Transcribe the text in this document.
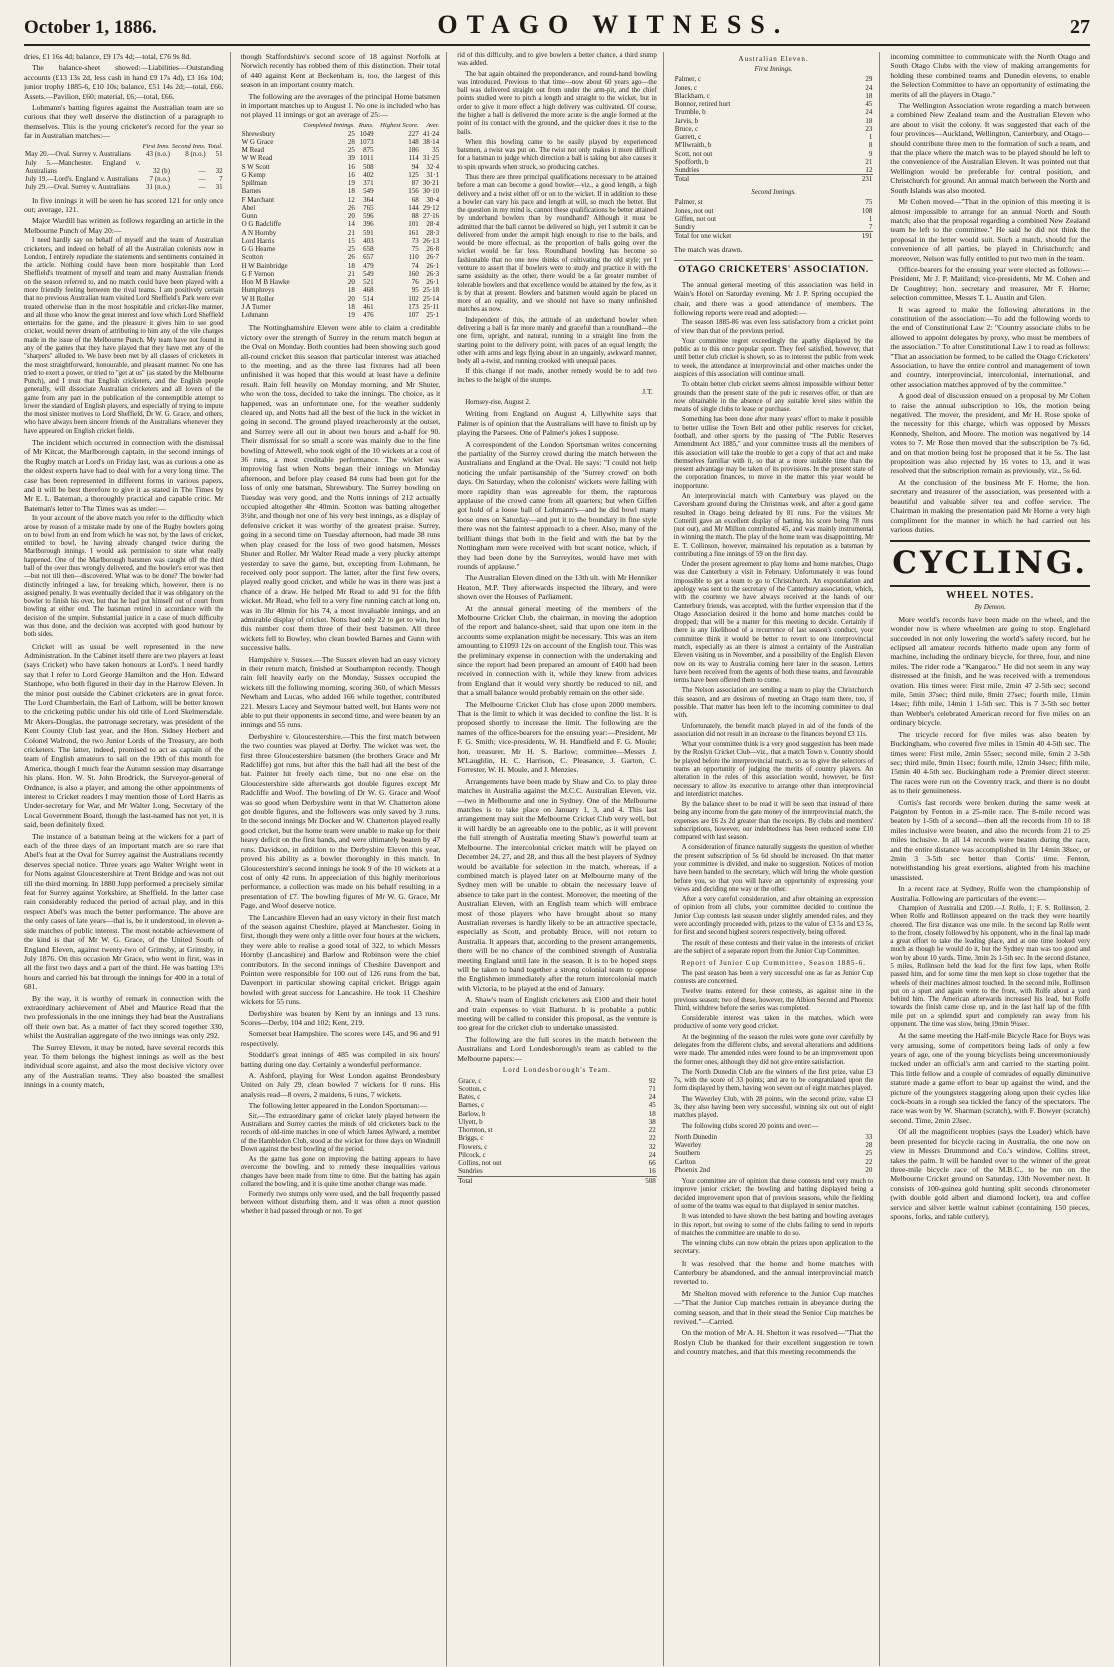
October 1, 1886.	OTAGO WITNESS.	27

dries, £1 16s 4d; balance, £9 17s 4d;—total, £76 9s 8d.

The balance-sheet showed:—Liabilities—Outstanding accounts (£13 13s 2d, less cash in hand £9 17s 4d), £3 16s 10d; junior trophy 1885-6, £10 10s; balance, £51 14s 2d;—total, £66. Assets.—Pavilion, £60; material, £6;—total, £66.

Lohmann's batting figures against the Australian team are so curious that they well deserve the distinction of a paragraph to themselves. This is the young cricketer's record for the year so far in Australian matches:—

	First Inns.	Second Inns.	Total.
May 20.—Oval. Surrey v. Australians	43 (n.o.)	8 (n.o.)	51
July 5.—Manchester. England v. Australians	32 (b)	—	32
July 19.—Lord's. England v. Australians	7 (n.o.)	—	7
July 29.—Oval. Surrey v. Australians	31 (n.o.)	—	31

In five innings it will be seen he has scored 121 for only once out; average, 121.

Major Wardill has written as follows regarding an article in the Melbourne Punch of May 20:—

I need hardly say on behalf of myself and the team of Australian cricketers, and indeed on behalf of all the Australian colonists now in London, I entirely repudiate the statements and sentiments contained in the article. Nothing could have been more hospitable than Lord Sheffield's treatment of myself and team and many Australian friends on the season referred to, and no match could have been played with a more friendly feeling between the rival teams. I am positively certain that no previous Australian team visited Lord Sheffield's Park were ever treated otherwise than in the most hospitable and cricket-like manner, and all those who know the great interest and love which Lord Sheffield entertains for the game, and the pleasure it gives him to see good cricket, would never dream of attributing to him any of the vile charges made in the issue of the Melbourne Punch. My team have not found in any of the games that they have played that they have met any of the "sharpers" alluded to. We have been met by all classes of cricketers in the most straightforward, honourable, and pleasant manner. No one has tried to exert a power, or tried to "get at us" (as stated by the Melbourne Punch), and I trust that English cricketers, and the English people generally, will dissociate Australian cricketers and all lovers of the game from any part in the publication of the contemptible attempt to lower the standard of English players, and especially of trying to impute the most sinister motives to Lord Sheffield, Dr W. G. Grace, and others, who have always been sincere friends of the Australians whenever they have appeared on English cricket fields.

The incident which occurred in connection with the dismissal of Mr Kitcat, the Marlborough captain, in the second innings of the Rugby match at Lord's on Friday last, was as curious a one as the oldest experts have had to deal with for a very long time. The case has been represented in different forms in various papers, and it will be best therefore to give it as stated in The Times by Mr E. L. Bateman, a thoroughly practical and capable critic. Mr Bateman's letter to The Times was as under:—

In your account of the above match you refer to the difficulty which arose by reason of a mistake made by one of the Rugby bowlers going on to bowl from an end from which he was not, by the laws of cricket, entitled to bowl, he having already changed twice during the Marlborough innings. I would ask permission to state what really happened. One of the Marlborough batsmen was caught off the third ball of the over thus wrongly delivered, and the bowler's error was then—but not till then—discovered. What was to be done? The bowler had distinctly infringed a law, for breaking which, however, there is no assigned penalty. It was eventually decided that it was obligatory on the bowler to finish his over, but that he had put himself out of court from bowling at either end. The batsman retired in accordance with the decision of the umpire. Substantial justice in a case of much difficulty was thus done, and the decision was accepted with good humour by both sides.

Cricket will as usual be well represented in the new Administration. In the Cabinet itself there are two players at least (says Cricket) who have taken honours at Lord's. I need hardly say that I refer to Lord George Hamilton and the Hon. Edward Stanhope, who both figured in their day in the Harrow Eleven. In the minor post outside the Cabinet cricketers are in great force. The Lord Chamberlain, the Earl of Lathom, will be better known to the cricketing public under his old title of Lord Skelmersdale. Mr Akers-Douglas, the patronage secretary, was president of the Kent County Club last year, and the Hon. Sidney Herbert and Colonel Walrond, the two Junior Lords of the Treasury, are both cricketers. The latter, indeed, promised to act as captain of the team of English amateurs to sail on the 19th of this month for America, though I much fear the Autumn session may disarrange his plans. Hon. W. St. John Brodrick, the Surveyor-general of Ordnance, is also a player, and among the other appointments of interest to Cricket readers I may mention those of Lord Harris as Under-secretary for War, and Mr Walter Long, Secretary of the Local Government Board, though the last-named has not yet, it is said, been definitely fixed.

The instance of a batsman being at the wickets for a part of each of the three days of an important match are so rare that Abel's feat at the Oval for Surrey against the Australians recently deserves special notice. Three years ago Walter Wright went in for Notts against Gloucestershire at Trent Bridge and was not out till the third morning. In 1880 Jupp performed a precisely similar feat for Surrey against Yorkshire, at Sheffield. In the latter case rain considerably reduced the period of actual play, and in this respect Abel's was much the better performance. The above are the only cases of late years—that is, be it understood, in eleven a-side matches of public interest. The most notable achievement of the kind is that of Mr W. G. Grace, of the United South of England Eleven, against twenty-two of Grimsby, at Grimsby, in July 1876. On this occasion Mr Grace, who went in first, was in all the first two days and a part of the third. He was batting 13½ hours and carried his bat through the innings for 400 in a total of 681.

By the way, it is worthy of remark in connection with the extraordinary achievement of Abel and Maurice Read that the two professionals in the one innings they had beat the Australians off their own bat. As a matter of fact they scored together 330, whilst the Australian aggregate of the two innings was only 292.

The Surrey Eleven, it may be noted, have several records this year. To them belongs the highest innings as well as the best individual score against, and also the most decisive victory over any of the Australian teams. They also boasted the smallest innings in a county match,

though Staffordshire's second score of 18 against Norfolk at Norwich recently has robbed them of this distinction. Their total of 440 against Kent at Beckenham is, too, the largest of this season in an important county match.

The following are the averages of the principal Home batsmen in important matches up to August 1. No one is included who has not played 11 innings or got an average of 25:—

	Completed Innings.	Runs.	Highest Score.	Aver.
Shrewsbury	25	1049	227	41·24
W G Grace	28	1073	148	38·14
M Read	25	875	186	35
W W Read	39	1011	114	31·25
S W Scott	16	508	94	32·4
G Kemp	16	402	125	31·1
Spillman	19	371	87	30·21
Barnes	18	549	156	30·10
F Marchant	12	364	68	30·4
Abel	26	765	144	29·12
Gunn	20	596	88	27·16
O G Radcliffe	14	396	101	28·4
A N Hornby	21	591	161	28·3
Lord Harris	15	403	73	26·13
G G Hearne	25	658	75	26·8
Scotton	26	657	110	26·7
H W Bainbridge	18	479	74	26·1
G F Vernon	21	549	160	26·3
Hon M B Hawke	20	521	76	26·1
Humphreys	18	468	95	25·18
W H Roller	20	514	102	25·14
J A Turner	18	461	173	25·11
Lohmann	19	476	107	25·1

The Nottinghamshire Eleven were able to claim a creditable victory over the strength of Surrey in the return match begun at the Oval on Monday. Both counties had been showing such good all-round cricket this season that particular interest was attached to the meeting, and as the three last fixtures had all been unfinished it was hoped that this would at least have a definite result. Rain fell heavily on Monday morning, and Mr Shuter, who won the toss, decided to take the innings. The choice, as it happened, was an unfortunate one, for the weather suddenly cleared up, and Notts had all the best of the luck in the wicket in going in second. The ground played treacherously at the outset, and Surrey were all out in about two hours and a-half for 90. Their dismissal for so small a score was mainly due to the fine bowling of Attewell, who took eight of the 10 wickets at a cost of 36 runs, a most creditable performance. The wicket was improving fast when Notts began their innings on Monday afternoon, and before play ceased 84 runs had been got for the loss of only one batsman, Shrewsbury. The Surrey bowling on Tuesday was very good, and the Notts innings of 212 actually occupied altogether 4hr 40min. Scotton was batting altogether 3½hr, and though not one of his very best innings, as a display of defensive cricket it was worthy of the greatest praise. Surrey, going in a second time on Tuesday afternoon, had made 38 runs when play ceased for the loss of two good batsmen, Messrs Shuter and Roller. Mr Walter Read made a very plucky attempt yesterday to save the game, but, excepting from Lohmann, he received only poor support. The latter, after the first few overs, played really good cricket, and while he was in there was just a chance of a draw. He helped Mr Read to add 91 for the fifth wicket. Mr Read, who fell to a very fine running catch at long on, was in 3hr 40min for his 74, a most invaluable innings, and an admirable display of cricket. Notts had only 22 to get to win, but this number cost them three of their best batsmen. All three wickets fell to Bowley, who clean bowled Barnes and Gunn with successive balls.

Hampshire v. Sussex.—The Sussex eleven had an easy victory in their return match, finished at Southampton recently. Though rain fell heavily early on the Monday, Sussex occupied the wickets till the following morning, scoring 360, of which Messrs Newham and Lucas, who added 166 while together, contributed 221. Messrs Lacey and Seymour batted well, but Hants were not able to put their opponents in second time, and were beaten by an innings and 55 runs.

Derbyshire v. Gloucestershire.—This the first match between the two counties was played at Derby. The wicket was wet, the first three Gloucestershire batsmen (the brothers Grace and Mr Radcliffe) got runs, but after this the ball had all the best of the bat. Painter hit freely each time, but no one else on the Gloucestershire side afterwards got double figures except Mr Radcliffe and Woof. The bowling of Dr W. G. Grace and Woof was so good when Derbyshire went in that W. Chatterton alone got double figures, and the followers was only saved by 3 runs. In the second innings Mr Docker and W. Chatterton played really good cricket, but the home team were unable to make up for their heavy deficit on the first hands, and were ultimately beaten by 47 runs. Davidson, in addition to the Derbyshire Eleven this year, proved his ability as a bowler thoroughly in this match. In Gloucestershire's second innings he took 9 of the 10 wickets at a cost of only 42 runs. In appreciation of this highly meritorious performance, a collection was made on his behalf resulting in a presentation of £7. The bowling figures of Mr W. G. Grace, Mr Page, and Woof deserve notice.

The Lancashire Eleven had an easy victory in their first match of the season against Cheshire, played at Manchester. Going in first, though they were only a little over four hours at the wickets, they were able to realise a good total of 322, to which Messrs Hornby (Lancashire) and Barlow and Robinson were the chief contributors. In the second innings of Cheshire Davenport and Pointon were responsible for 100 out of 126 runs from the bat, Davenport in particular showing capital cricket. Briggs again bowled with great success for Lancashire. He took 11 Cheshire wickets for 55 runs.

Derbyshire was beaten by Kent by an innings and 13 runs. Scores—Derby, 104 and 102; Kent, 219.

Somerset beat Hampshire. The scores were 145, and 96 and 91 respectively.

Stoddart's great innings of 485 was compiled in six hours' batting during one day. Certainly a wonderful performance.

A. Ashford, playing for West London against Brondesbury United on July 29, clean bowled 7 wickets for 0 runs. His analysis read—8 overs, 2 maidens, 6 runs, 7 wickets.

The following letter appeared in the London Sportsman:—

Sir,—The extraordinary game of cricket lately played between the Australians and Surrey carries the minds of old cricketers back to the records of old-time matches in one of which James Aylward, a member of the Hambledon Club, stood at the wicket for three days on Windmill Down against the best bowling of the period.

As the game has gone on improving the batting appears to have overcome the bowling, and to remedy these inequalities various changes have been made from time to time. But the batting has again collared the bowling, and it is quite time another change was made.

Formerly two stumps only were used, and the ball frequently passed between without disturbing them, and it was often a moot question whether it had passed through or not. To get

rid of this difficulty, and to give bowlers a better chance, a third stump was added.

The bat again obtained the preponderance, and round-hand bowling was introduced. Previous to that time—now about 60 years ago—the ball was delivered straight out from under the arm-pit, and the chief points studied were to pitch a length and straight to the wicket, but in order to give it more effect a high delivery was cultivated. Of course, the higher a ball is delivered the more acute is the angle formed at the point of its contact with the ground, and the quicker does it rise to the bails.

When this bowling came to be easily played by experienced batsmen, a twist was put on. The twist not only makes it more difficult for a batsman to judge which direction a ball is taking but also causes it to spin upwards when struck, so producing catches.

Thus there are three principal qualifications necessary to be attained before a man can become a good bowler—viz., a good length, a high delivery and a twist either off or on to the wicket. If in addition to these a bowler can vary his pace and length at will, so much the better. But the question in my mind is, cannot these qualifications be better attained by underhand bowlers than by roundhand? Although it must be admitted that the ball cannot be delivered so high, yet I submit it can be delivered from under the armpit high enough to rise to the bails, and would be more effectual, as the proportion of balls going over the wicket would be far less. Roundhand bowling has become so fashionable that no one now thinks of cultivating the old style; yet I venture to assert that if bowlers were to study and practice it with the same assiduity as the other, there would be a far greater number of tolerable bowlers and that excellence would be attained by the few, as it is by that at present. Bowlers and batsmen would again be placed on more of an equality, and we should not have so many unfinished matches as now.

Independent of this, the attitude of an underhand bowler when delivering a ball is far more manly and graceful than a roundhand—the one firm, upright, and natural, running in a straight line from the starting point to the delivery point, with paces of an equal length; the other with arms and legs flying about in an ungainly, awkward manner, body all a-twist, and running crooked with unequal paces.

If this change if not made, another remedy would be to add two inches to the height of the stumps.

J.T.

Hornsey-rise, August 2.

Writing from England on August 4, Lillywhite says that Palmer is of opinion that the Australians will have to finish up by playing the Parsees. One of Palmer's jokes I suppose.

A correspondent of the London Sportsman writes concerning the partiality of the Surrey crowd during the match between the Australians and England at the Oval. He says: "I could not help noticing the unfair partisanship of the 'Surrey crowd' on both days. On Saturday, when the colonists' wickets were falling with more rapidity than was agreeable for them, the rapturous applause of the crowd came from all quarters; but when Giffen got hold of a loose ball of Lohmann's—and he did bowl many loose ones on Saturday—and put it to the boundary in fine style there was not the faintest approach to a cheer. Also, many of the brilliant things that both in the field and with the bat by the Nottingham men were received with but scant notice, which, if they had been done by the Surreyites, would have met with rounds of applause."

The Australian Eleven dined on the 13th ult. with Mr Henniker Heaton, M.P. They afterwards inspected the library, and were shown over the Houses of Parliament.

At the annual general meeting of the members of the Melbourne Cricket Club, the chairman, in moving the adoption of the report and balance-sheet, said that upon one item in the accounts some explanation might be necessary. This was an item amounting to £1093 12s on account of the English tour. This was the preliminary expense in connection with the undertaking and since the report had been prepared an amount of £400 had been received in connection with it, while they knew from advices from England that it would very shortly be reduced to nil, and that a small balance would probably remain on the other side.

The Melbourne Cricket Club has close upon 2000 members. That is the limit to which it was decided to confine the list. It is proposed shortly to increase the limit. The following are the names of the office-bearers for the ensuing year:—President, Mr F. G. Smith; vice-presidents, W. H. Handfield and F. G. Moule; hon. treasurer, Mr H. S. Barlow; committee—Messrs J. M'Laughlin, H. C. Harrison, C. Pleasance, J. Garton, C. Forrester, W. H. Moule, and J. Menzies.

Arrangements have been made by Shaw and Co. to play three matches in Australia against the M.C.C. Australian Eleven, viz.—two in Melbourne and one in Sydney. One of the Melbourne matches is to take place on January 1, 3, and 4. This last arrangement may suit the Melbourne Cricket Club very well, but it will hardly be an agreeable one to the public, as it will prevent the full strength of Australia meeting Shaw's powerful team at Melbourne. The intercolonial cricket match will be played on December 24, 27, and 28, and thus all the best players of Sydney would be available for selection in the match, whereas, if a combined match is played later on at Melbourne many of the Sydney men will be unable to obtain the necessary leave of absence to take part in the contest. Moreover, the meeting of the Australian Eleven, with an English team which will embrace most of those players who have brought about so many Australian reverses is hardly likely to be an attractive spectacle, especially as Scott, and probably Bruce, will not return to Australia. It appears that, according to the present arrangements, there will be no chance of the combined strength of Australia meeting England until late in the season. It is to be hoped steps will be taken to band together a strong colonial team to oppose the Englishmen immediately after the return intercolonial match with Victoria, to be played at the end of January.

A. Shaw's team of English cricketers ask £100 and their hotel and train expenses to visit Bathurst. It is probable a public meeting will be called to consider this proposal, as the venture is too great for the cricket club to undertake unassisted.

The following are the full scores in the match between the Australians and Lord Londesborough's team as cabled to the Melbourne papers:—

Lord Londesborough's Team.
Grace, c	92
Scotton, c	71
Bates, c	24
Barnes, c	45
Barlow, b	18
Ulyett, b	38
Thornton, st	22
Briggs, c	22
Flowers, c	32
Pilcock, c	24
Collins, not out	66
Sundries	16
Total	508
Australian Eleven.
First Innings.
Palmer, c	29
Jones, c	24
Blackham, c	18
Bonnor, retired hurt	45
Trumble, b	24
Jarvis, b	18
Bruce, c	23
Garrett, c	1
M'Ilwraith, b	8
Scott, not out	9
Spofforth, b	21
Sundries	12
Total	231
Second Innings.
Palmer, st	75
Jones, not out	108
Giffen, not out	1
Sundry	7
Total for one wicket	191

The match was drawn.

OTAGO CRICKETERS' ASSOCIATION.

The annual general meeting of this association was held in Wain's Hotel on Saturday evening. Mr J. P. Spring occupied the chair, and there was a good attendance of members. The following reports were read and adopted:—

The season 1885-86 was even less satisfactory from a cricket point of view than that of the previous period.

Your committee regret exceedingly the apathy displayed by the public as to this once popular sport. They feel satisfied, however, that until better club cricket is shown, so as to interest the public from week to week, the attendance at interprovincial and other matches under the auspices of this association will continue small.

To obtain better club cricket seems almost impossible without better grounds than the present state of the pub ic reserves offer, or than are now obtainable in the absence of any suitable level sites within the means of single clubs to lease or purchase.

Something has been done after many years' effort to make it possible to better utilise the Town Belt and other public reserves for cricket, football, and other sports by the passing of "The Public Reserves Amendment Act 1885," and your committee trusts all the members of this association will take the trouble to get a copy of that act and make themselves familiar with it, so that at a more suitable time than the present advantage may be taken of its provisions. In the present state of the corporation finances, to move in the matter this year would be inopportune.

An interprovincial match with Canterbury was played on the Caversham ground during the Christmas week, and after a good game resulted in Otago being defeated by 81 runs. For the visitors Mr Cotterill gave an excellent display of batting, his score being 78 runs (not out), and Mr Millton contributed 45, and was mainly instrumental in winning the match. The play of the home team was disappointing. Mr E. T. Collinson, however, maintained his reputation as a batsman by contributing a fine innings of 59 on the first day.

Under the present agreement to play home and home matches, Otago was due Canterbury a visit in February. Unfortunately it was found impossible to get a team to go to Christchurch. An expostulation and apology was sent to the secretary of the Canterbury association, which, with the courtesy we have always received at the hands of our Canterbury friends, was accepted, with the further expression that if the Otago Association desired it the home and home matches could be dropped; that will be a matter for this meeting to decide. Certainly if there is any likelihood of a recurrence of last season's conduct, your committee think it would be better to revert to one interprovincial match, especially as an there is almost a certainty of the Australian Eleven visiting us in November, and a possibility of the English Eleven now on its way to Australia coming here later in the season. Letters have been received from the agents of both these teams, and favourable terms have been offered them to come.

The Nelson association are sending a team to play the Christchurch this season, and are desirous of meeting an Otago team there, too, if possible. That matter has been left to the incoming committee to deal with.

Unfortunately, the benefit match played in aid of the funds of the association did not result in an increase to the finances beyond £3 11s.

What your committee think is a very good suggestion has been made by the Roslyn Cricket Club—viz., that a match Town v. Country should be played before the interprovincial match, so as to give the selectors of teams an opportunity of judging the merits of country players. An alteration in the rules of this association would, however, be first necessary to allow its executive to arrange other than interprovincial and interdistrict matches.

By the balance sheet to be read it will be seen that instead of there being any income from the gate money of the interprovincial match, the expenses are £6 2s 2d greater than the receipts. By clubs and members' subscriptions, however, our indebtedness has been reduced some £10 compared with last season.

A consideration of finance naturally suggests the question of whether the present subscription of 5s 6d should be increased. On that matter your committee is divided, and make no suggestion. Notices of motion have been handed to the secretary, which will bring the whole question before you, so that you will have an opportunity of expressing your views and deciding one way or the other.

After a very careful consideration, and after obtaining an expression of opinion from all clubs, your committee decided to continue the Junior Cup contests last season under slightly amended rules, and they were accordingly proceeded with, prizes to the value of £3 5s and £3 5s, for first and second highest scorers respectively, being offered.

The result of these contests and their value in the interests of cricket are the subject of a separate report from the Junior Cup Committee.

Report of Junior Cup Committee, Season 1885-6.

The past season has been a very successful one as far as Junior Cup contests are concerned.

Twelve teams entered for these contests, as against nine in the previous season; two of these, however, the Albion Second and Phoenix Third, withdrew before the series was completed.

Considerable interest was taken in the matches, which were productive of some very good cricket.

At the beginning of the season the rules were gone over carefully by delegates from the different clubs, and several alterations and additions were made. The amended rules were found to be an improvement upon the former ones, although they did not give entire satisfaction.

The North Dunedin Club are the winners of the first prize, value £3 7s, with the score of 33 points; and are to be congratulated upon the form displayed by them, having won seven out of eight matches played.

The Waverley Club, with 28 points, win the second prize, value £3 3s, they also having been very successful, winning six out out of eight matches played.

The following clubs scored 20 points and over:—

North Dunedin	33
Waverley	28
Southern	25
Carlton	22
Phoenix 2nd	20

Your committee are of opinion that these contests tend very much to improve junior cricket; the bowling and batting displayed being a decided improvement upon that of previous seasons, while the fielding of some of the teams was equal to that displayed in senior matches.

It was intended to have shown the best batting and bowling averages in this report, but owing to some of the clubs failing to send in reports of matches the committee are unable to do so.

The winning clubs can now obtain the prizes upon application to the secretary.

It was resolved that the home and home matches with Canterbury be abandoned, and the annual interprovincial match reverted to.

Mr Shelton moved with reference to the Junior Cup matches—"That the Junior Cup matches remain in abeyance during the coming season, and that in their stead the Senior Cup matches be revived."—Carried.

On the motion of Mr A. H. Shelton it was resolved—"That the Roslyn Club be thanked for their excellent suggestion re town and country matches, and that this meeting recommends the

incoming committee to communicate with the North Otago and South Otago Clubs with the view of making arrangements for holding these combined teams and Dunedin elevens, to enable the Selection Committee to have an opportunity of estimating the merits of all the players in Otago."

The Wellington Association wrote regarding a match between a combined New Zealand team and the Australian Eleven who are about to visit the colony. It was suggested that each of the four provinces—Auckland, Wellington, Canterbury, and Otago—should contribute three men to the formation of such a team, and that the place where the match was to be played should be left to the convenience of the Australian Eleven. It was pointed out that Wellington would be preferable for central position, and Christchurch for ground. An annual match between the North and South Islands was also mooted.

Mr Cohen moved—"That in the opinion of this meeting it is almost impossible to arrange for an annual North and South match; also that the proposal regarding a combined New Zealand team be left to the committee." He said he did not think the proposal in the letter would suit. Such a match, should for the convenience of all parties, be played in Christchurch; and moreover, Nelson was fully entitled to put two men in the team.

Office-bearers for the ensuing year were elected as follows:—President, Mr J. P. Maitland; vice-presidents, Mr M. Cohen and Dr Coughtrey; hon. secretary and treasurer, Mr F. Horne; selection committee, Messrs T. L. Austin and Glen.

It was agreed to make the following alterations in the constitution of the association:—To add the following words to the end of Constitutional Law 2: "Country associate clubs to be allowed to appoint delegates by proxy, who must be members of the association." To alter Constitutional Law 1 to read as follows: "That an association be formed, to be called the Otago Cricketers' Association, to have the entire control and management of town and country, interprovincial, intercolonial, international, and other association matches approved of by the committee."

A good deal of discussion ensued on a proposal by Mr Cohen to raise the annual subscription to 10s, the motion being negatived. The mover, the president, and Mr H. Rose spoke of the necessity for this charge, which was opposed by Messrs Kennedy, Shelton, and Moore. The motion was negatived by 14 votes to 7. Mr Rose then moved that the subscription be 7s 6d, and on that motion being lost he proposed that it be 5s. The last proposition was also rejected by 16 votes to 13, and it was resolved that the subscription remain as previously, viz., 5s 6d.

At the conclusion of the business Mr F. Horne, the hon. secretary and treasurer of the association, was presented with a beautiful and valuable silver tea and coffee service. The Chairman in making the presentation paid Mr Horne a very high compliment for the manner in which he had carried out his various duties.

CYCLING.
WHEEL NOTES.
By Demon.

More world's records have been made on the wheel, and the wonder now is where wheelmen are going to stop. Englehard succeeded in not only lowering the world's safety record, but he eclipsed all amateur records hitherto made upon any form of machine, including the ordinary bicycle, for three, four, and nine miles. The rider rode a "Kangaroo." He did not seem in any way distressed at the finish, and he was received with a tremendous ovation. His times were: First mile, 2min 47 2-5th sec; second mile, 5min 37sec; third mile, 8min 27sec; fourth mile, 11min 14sec; fifth mile, 14min 1 1-5th sec. This is 7 3-5th sec better than Webber's celebrated American record for five miles on an ordinary bicycle.

The tricycle record for five miles was also beaten by Buckingham, who covered five miles in 15min 40 4-5th sec. The times were: First mile, 2min 55sec; second mile, 6min 2 3-5th sec; third mile, 9min 11sec; fourth mile, 12min 34sec; fifth mile, 15min 40 4-5th sec. Buckingham rode a Premier direct steerer. The races were run on the Coventry track, and there is no doubt as to their genuineness.

Cortis's fast records were broken during the same week at Paignton by Fenton in a 25-mile race. The 8-mile record was beaten by 1-5th of a second—then all the records from 10 to 18 miles inclusive were beaten, and also the records from 21 to 25 miles inclusive. In all 14 records were beaten during the race, and the entire distance was accomplished in 1hr 14min 38sec, or 2min 3 3-5th sec better than Cortis' time. Fenton, notwithstanding his great exertions, alighted from his machine unassisted.

In a recent race at Sydney, Rolfe won the championship of Australia. Following are particulars of the event:—

Champion of Australia and £200.—J. Rolfe, 1; F. S. Rollinson, 2. When Rolfe and Rollinson appeared on the track they were heartily cheered. The first distance was one mile. In the second lap Rolfe went to the front, closely followed by his opponent, who in the final lap made a great effort to take the leading place, and at one time looked very much as though he would do it, but the Sydney man was too good and won by about 10 yards. Time, 3min 2s 1-5th sec. In the second distance, 5 miles, Rollinson held the lead for the first few laps, when Rolfe passed him, and for some time the men kept so close together that the wheels of their machines almost touched. In the second mile, Rollinson put on a spurt and again went to the front, with Rolfe about a yard behind him. The American afterwards increased his lead, but Rolfe towards the finish came close up, and in the last half lap of the fifth mile put on a splendid spurt and completely ran away from his opponent. The time was slow, being 19min 9¾sec.

At the same meeting the Half-mile Bicycle Race for Boys was very amusing, some of competitors being lads of only a few years of age, one of the young bicyclists being unceremoniously tucked under an official's arm and carried to the starting point. This little fellow and a couple of comrades of equally diminutive stature made a game effort to bear up against the wind, and the picture of the youngsters staggering along upon their cycles like cock-boats in a rough sea tickled the fancy of the spectators. The race was won by W. Sharman (scratch), with F. Bowyer (scratch) second. Time, 2min 23sec.

Of all the magnificent trophies (says the Leader) which have been presented for bicycle racing in Australia, the one now on view in Messrs Drummond and Co.'s window, Collins street, takes the palm. It will be handed over to the winner of the great three-mile bicycle race of the M.B.C., to be run on the Melbourne Cricket ground on Saturday, 13th November next. It consists of 100-guinea gold hunting split seconds chronometer (with double gold albert and diamond locket), tea and coffee service and silver kettle walnut cabinet (containing 150 pieces, spoons, forks, and table cutlery).
